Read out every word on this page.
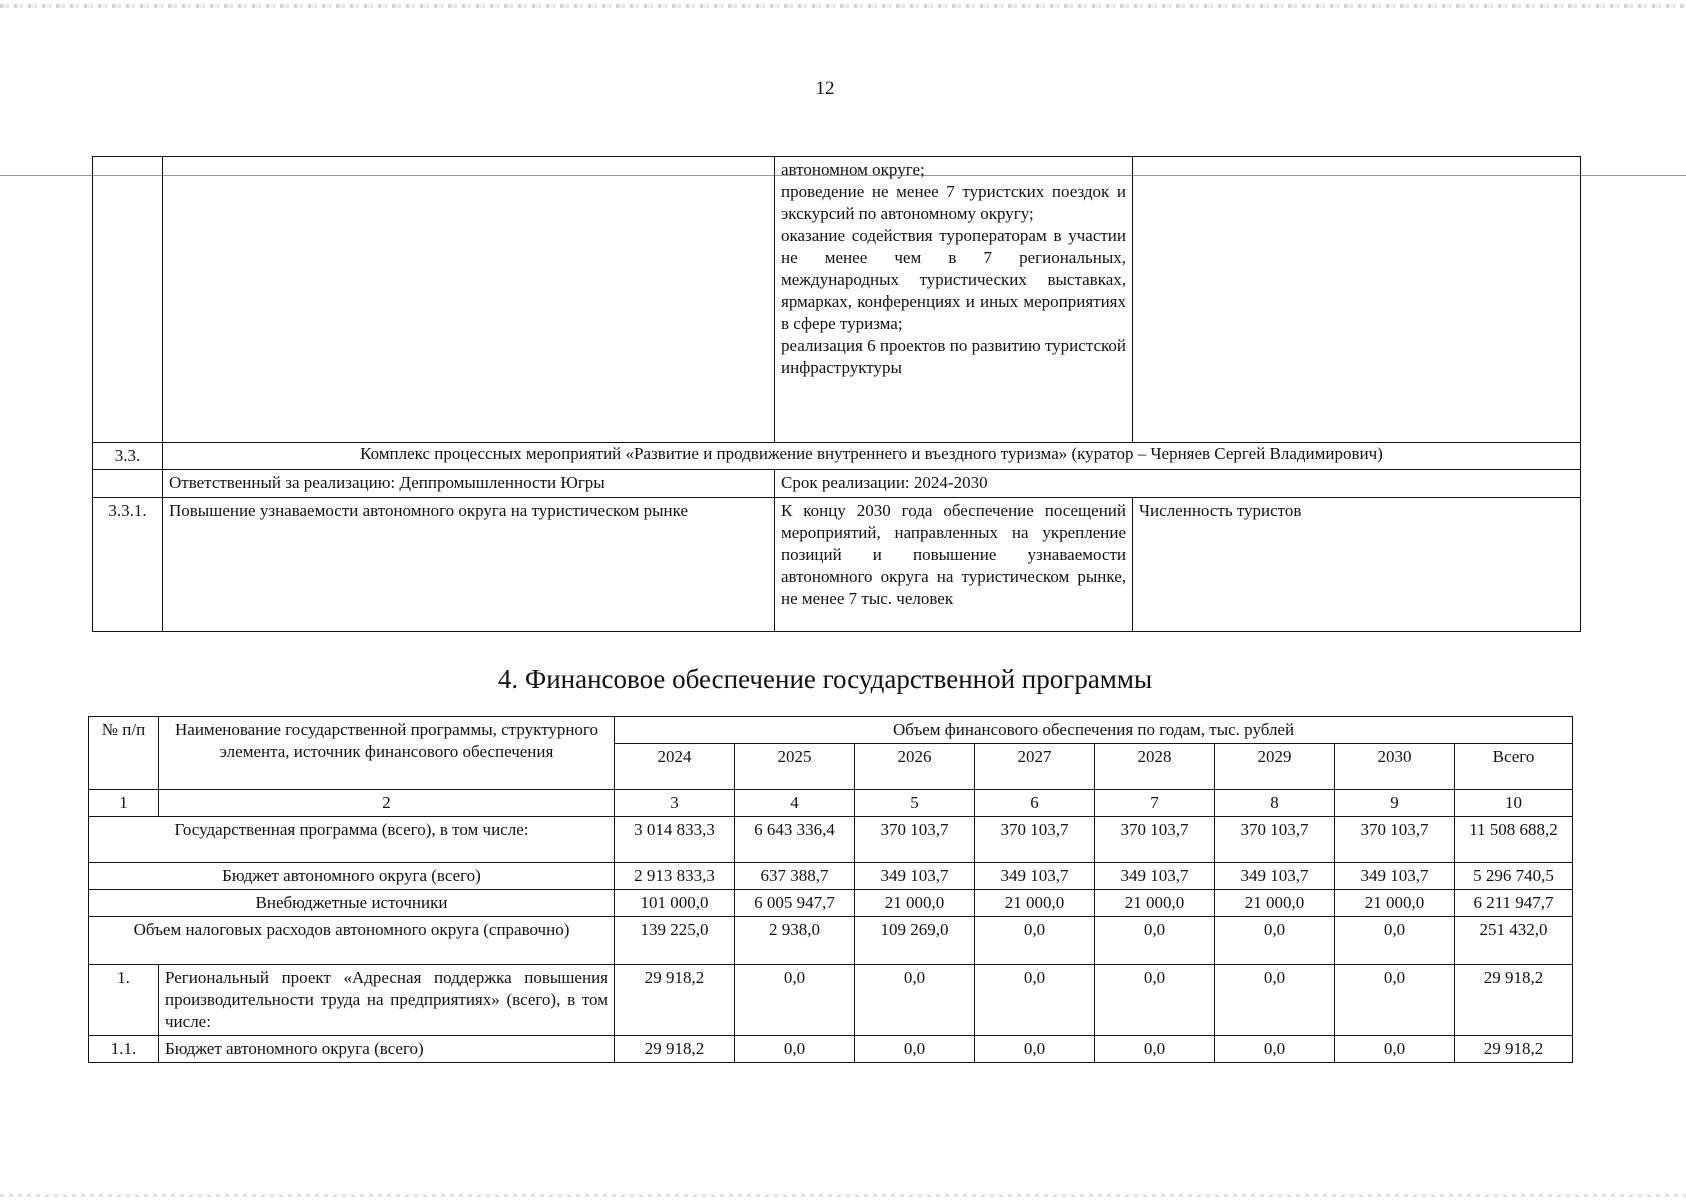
12
		автономном округе;
проведение не менее 7 туристских поездок и экскурсий по автономному округу;
оказание содействия туроператорам в участии не менее чем в 7 региональных, международных туристических выставках, ярмарках, конференциях и иных мероприятиях в сфере туризма;
реализация 6 проектов по развитию туристской инфраструктуры	
3.3.	Комплекс процессных мероприятий «Развитие и продвижение внутреннего и въездного туризма» (куратор – Черняев Сергей Владимирович)		
	Ответственный за реализацию: Деппромышленности Югры	Срок реализации: 2024-2030	
3.3.1.	Повышение узнаваемости автономного округа на туристическом рынке	К концу 2030 года обеспечение посещений мероприятий, направленных на укрепление позиций и повышение узнаваемости автономного округа на туристическом рынке, не менее 7 тыс. человек	Численность туристов
4. Финансовое обеспечение государственной программы
№ п/п	Наименование государственной программы, структурного элемента, источник финансового обеспечения	Объем финансового обеспечения по годам, тыс. рублей							
		2024	2025	2026	2027	2028	2029	2030	Всего
1	2	3	4	5	6	7	8	9	10
Государственная программа (всего), в том числе:		3 014 833,3	6 643 336,4	370 103,7	370 103,7	370 103,7	370 103,7	370 103,7	11 508 688,2
Бюджет автономного округа (всего)		2 913 833,3	637 388,7	349 103,7	349 103,7	349 103,7	349 103,7	349 103,7	5 296 740,5
Внебюджетные источники		101 000,0	6 005 947,7	21 000,0	21 000,0	21 000,0	21 000,0	21 000,0	6 211 947,7
Объем налоговых расходов автономного округа (справочно)		139 225,0	2 938,0	109 269,0	0,0	0,0	0,0	0,0	251 432,0
1.	Региональный проект «Адресная поддержка повышения производительности труда на предприятиях» (всего), в том числе:	29 918,2	0,0	0,0	0,0	0,0	0,0	0,0	29 918,2
1.1.	Бюджет автономного округа (всего)	29 918,2	0,0	0,0	0,0	0,0	0,0	0,0	29 918,2
